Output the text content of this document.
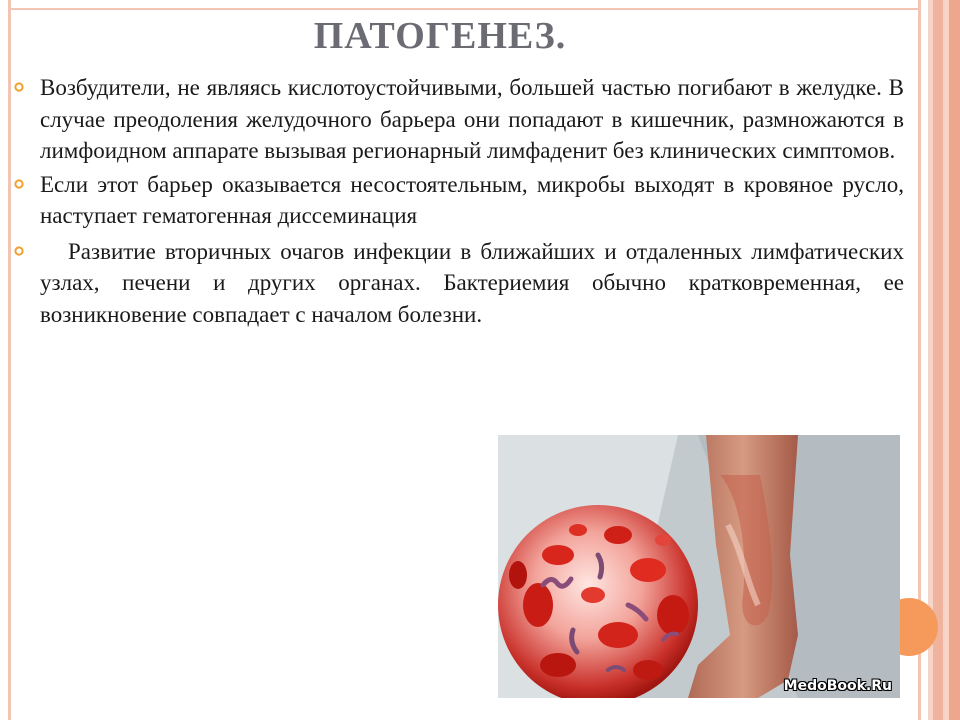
ПАТОГЕНЕЗ.
Возбудители, не являясь кислотоустойчивыми, большей частью погибают в желудке. В случае преодоления желудочного барьера они попадают в кишечник, размножаются в лимфоидном аппарате вызывая регионарный лимфаденит без клинических симптомов.
Если этот барьер оказывается несостоятельным, микробы выходят в кровяное русло, наступает гематогенная диссеминация
Развитие вторичных очагов инфекции в ближайших и отдаленных лимфатических узлах, печени и других органах. Бактериемия обычно кратковременная, ее возникновение совпадает с началом болезни.
MedoBook.Ru
